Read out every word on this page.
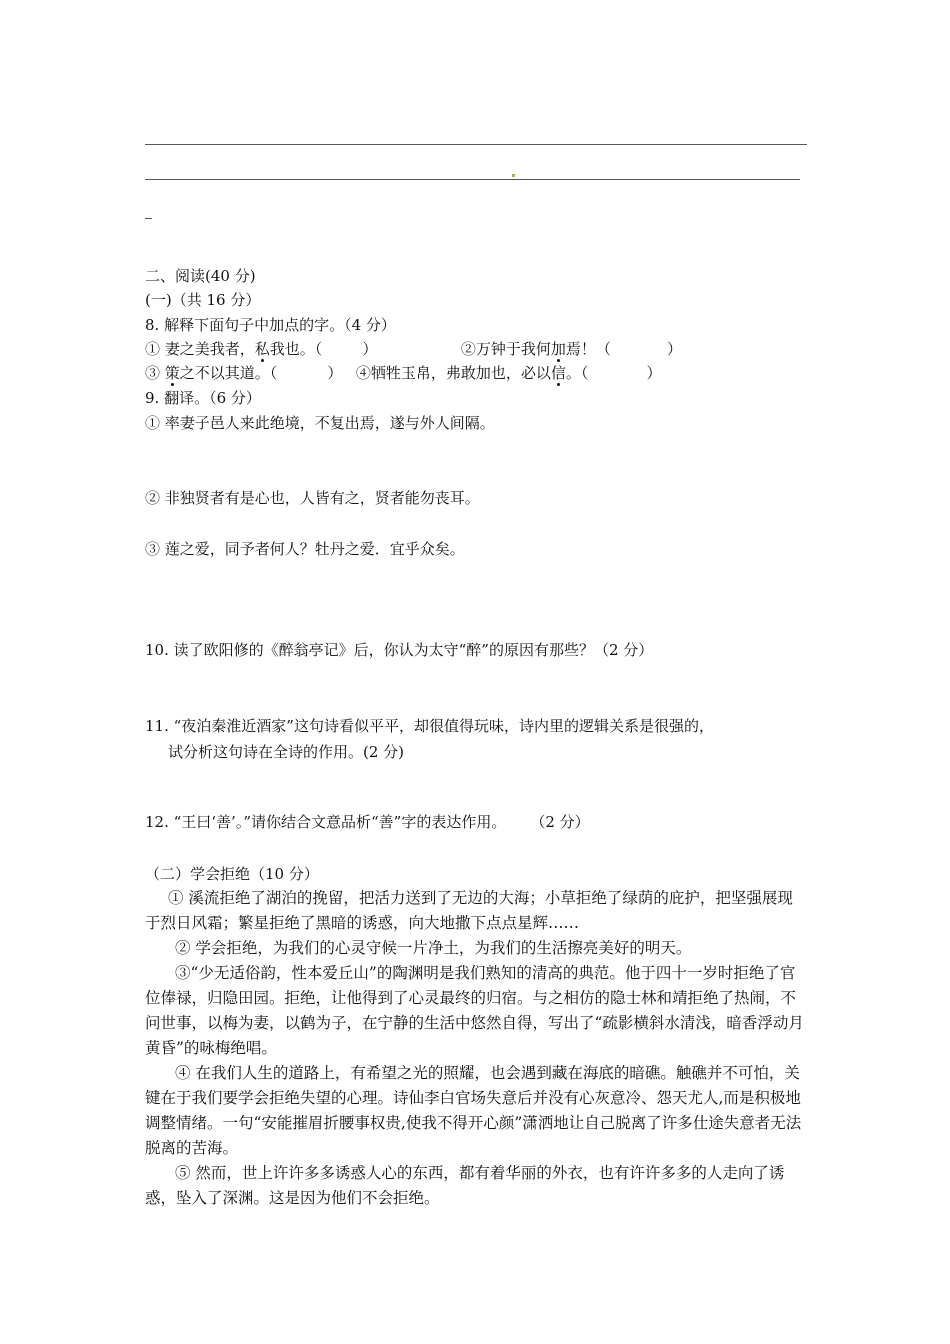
二、阅读(40 分)
(一)（共 16 分）
8. 解释下面句子中加点的字。（4 分）
① 妻之美我者，私我也。（	）	②万钟于我何加焉！（	）
③ 策之不以其道。（	） ④牺牲玉帛，弗敢加也，必以信。（	）
9. 翻译。（6 分）
① 率妻子邑人来此绝境，不复出焉，遂与外人间隔。
② 非独贤者有是心也，人皆有之，贤者能勿丧耳。
③ 莲之爱，同予者何人？牡丹之爱．宜乎众矣。
10. 读了欧阳修的《醉翁亭记》后，你认为太守“醉”的原因有那些？（2 分）
11. “夜泊秦淮近酒家”这句诗看似平平，却很值得玩味，诗内里的逻辑关系是很强的，
试分析这句诗在全诗的作用。(2 分)
12. “王曰‘善’。”请你结合文意品析“善”字的表达作用。 （2 分）
（二）学会拒绝（10 分）
① 溪流拒绝了湖泊的挽留，把活力送到了无边的大海；小草拒绝了绿荫的庇护，把坚强展现于烈日风霜；繁星拒绝了黑暗的诱惑，向大地撒下点点星辉……
② 学会拒绝，为我们的心灵守候一片净土，为我们的生活擦亮美好的明天。
③“少无适俗韵，性本爱丘山”的陶渊明是我们熟知的清高的典范。他于四十一岁时拒绝了官位俸禄，归隐田园。拒绝，让他得到了心灵最终的归宿。与之相仿的隐士林和靖拒绝了热闹，不问世事，以梅为妻，以鹤为子，在宁静的生活中悠然自得，写出了“疏影横斜水清浅，暗香浮动月黄昏”的咏梅绝唱。
④ 在我们人生的道路上，有希望之光的照耀，也会遇到藏在海底的暗礁。触礁并不可怕，关键在于我们要学会拒绝失望的心理。诗仙李白官场失意后并没有心灰意冷、怨天尤人,而是积极地调整情绪。一句“安能摧眉折腰事权贵,使我不得开心颜”潇洒地让自己脱离了许多仕途失意者无法脱离的苦海。
⑤ 然而，世上许许多多诱惑人心的东西，都有着华丽的外衣，也有许许多多的人走向了诱惑，坠入了深渊。这是因为他们不会拒绝。
